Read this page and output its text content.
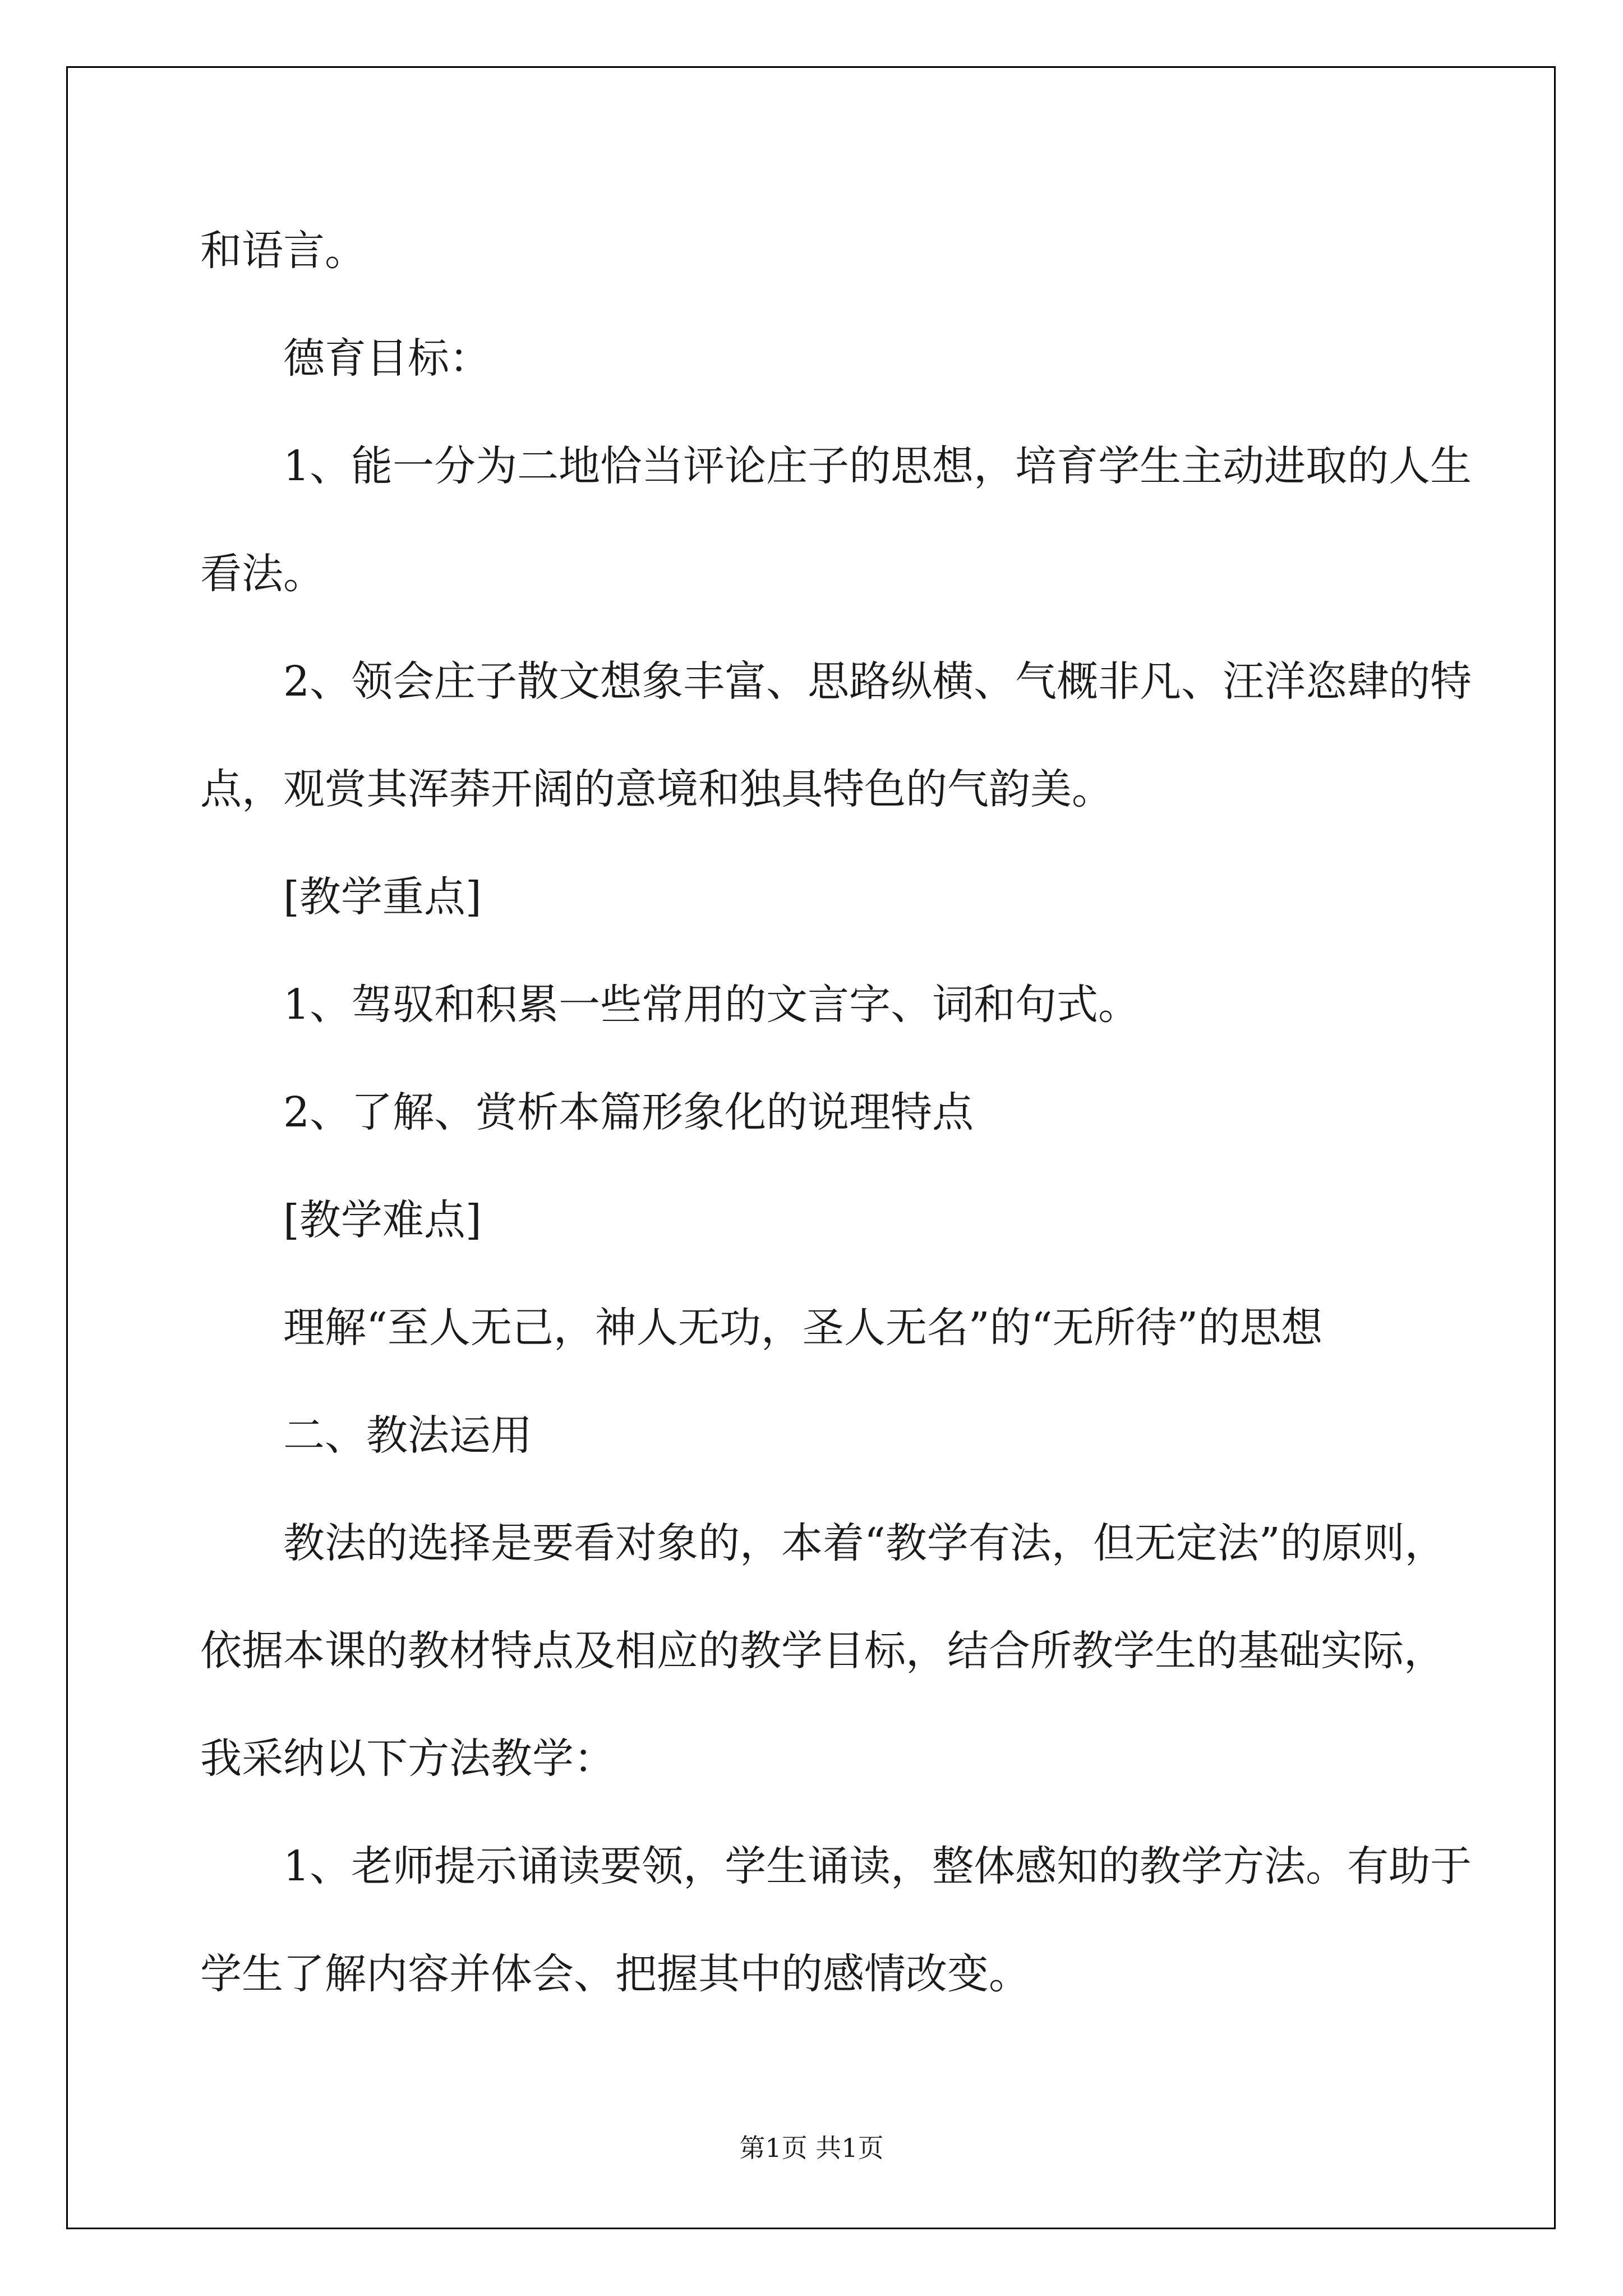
和语言。
德育目标：
1、能一分为二地恰当评论庄子的思想，培育学生主动进取的人生
看法。
2、领会庄子散文想象丰富、思路纵横、气概非凡、汪洋恣肆的特
点，观赏其浑莽开阔的意境和独具特色的气韵美。
[教学重点]
1、驾驭和积累一些常用的文言字、词和句式。
2、了解、赏析本篇形象化的说理特点
[教学难点]
理解“至人无己，神人无功，圣人无名”的“无所待”的思想
二、教法运用
教法的选择是要看对象的，本着“教学有法，但无定法”的原则，
依据本课的教材特点及相应的教学目标，结合所教学生的基础实际，
我采纳以下方法教学：
1、老师提示诵读要领，学生诵读，整体感知的教学方法。有助于
学生了解内容并体会、把握其中的感情改变。
第1页 共1页
